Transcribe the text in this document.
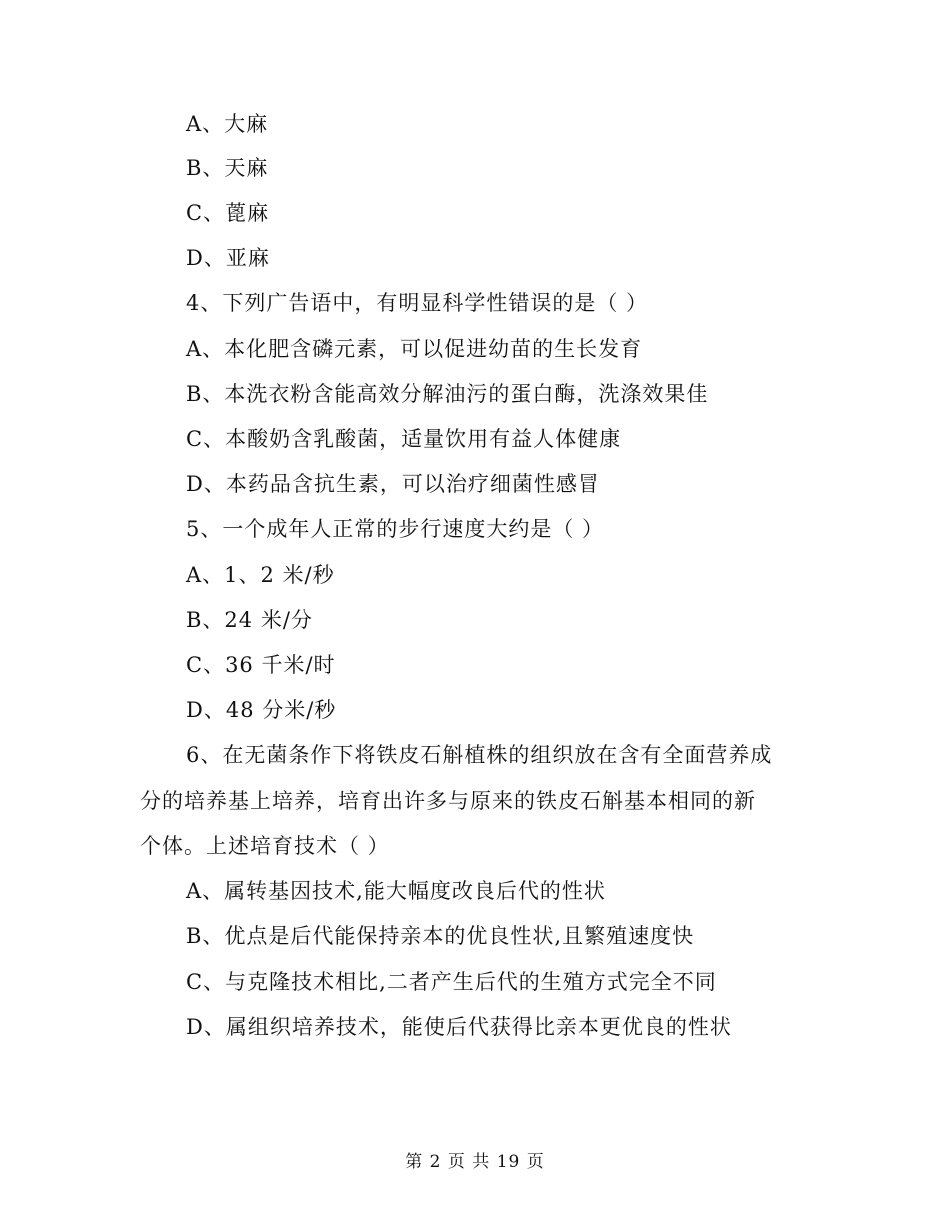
A、大麻
B、天麻
C、蓖麻
D、亚麻
4、下列广告语中，有明显科学性错误的是（ ）
A、本化肥含磷元素，可以促进幼苗的生长发育
B、本洗衣粉含能高效分解油污的蛋白酶，洗涤效果佳
C、本酸奶含乳酸菌，适量饮用有益人体健康
D、本药品含抗生素，可以治疗细菌性感冒
5、一个成年人正常的步行速度大约是（ ）
A、1、2 米/秒
B、24 米/分
C、36 千米/时
D、48 分米/秒
6、在无菌条作下将铁皮石斛植株的组织放在含有全面营养成
分的培养基上培养，培育出许多与原来的铁皮石斛基本相同的新
个体。上述培育技术（ ）
A、属转基因技术,能大幅度改良后代的性状
B、优点是后代能保持亲本的优良性状,且繁殖速度快
C、与克隆技术相比,二者产生后代的生殖方式完全不同
D、属组织培养技术，能使后代获得比亲本更优良的性状
第 2 页 共 19 页
